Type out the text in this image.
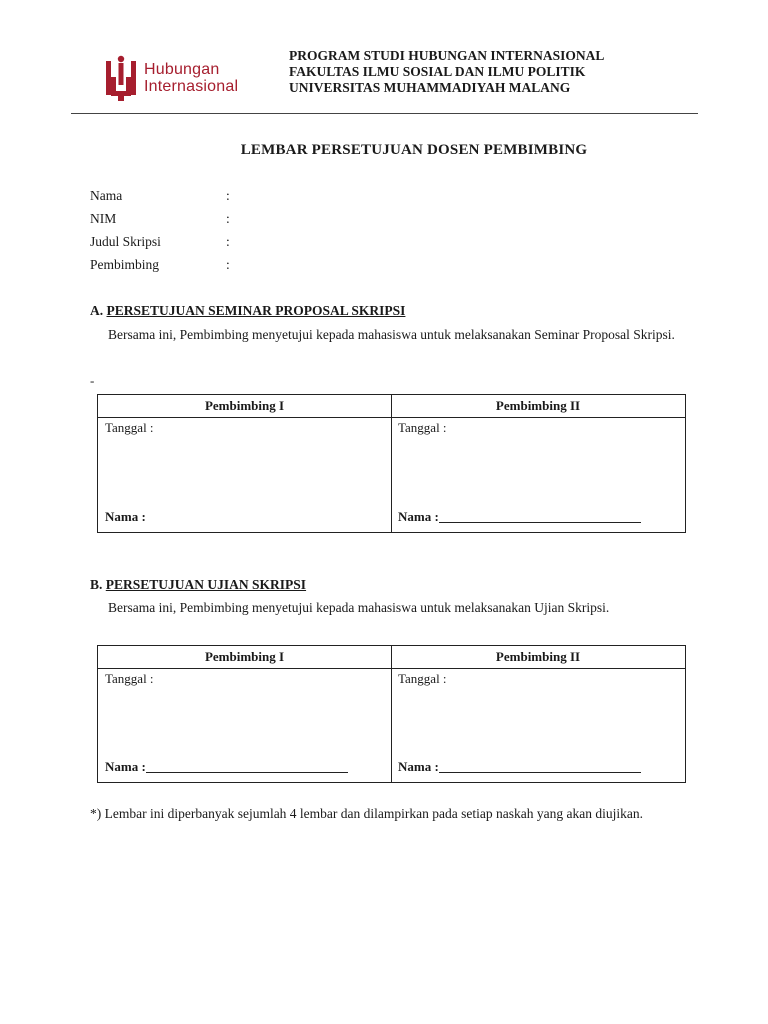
Hubungan
Internasional
PROGRAM STUDI HUBUNGAN INTERNASIONAL
FAKULTAS ILMU SOSIAL DAN ILMU POLITIK
UNIVERSITAS MUHAMMADIYAH MALANG
LEMBAR PERSETUJUAN DOSEN PEMBIMBING
Nama	:
NIM	:
Judul Skripsi	:
Pembimbing	:
A. PERSETUJUAN SEMINAR PROPOSAL SKRIPSI
Bersama ini, Pembimbing menyetujui kepada mahasiswa untuk melaksanakan Seminar Proposal Skripsi.
-
Pembimbing I
Tanggal :
Nama :
Pembimbing II
Tanggal :
Nama :
B. PERSETUJUAN UJIAN SKRIPSI
Bersama ini, Pembimbing menyetujui kepada mahasiswa untuk melaksanakan Ujian Skripsi.
Pembimbing I
Tanggal :
Nama :
Pembimbing II
Tanggal :
Nama :
*) Lembar ini diperbanyak sejumlah 4 lembar dan dilampirkan pada setiap naskah yang akan diujikan.
